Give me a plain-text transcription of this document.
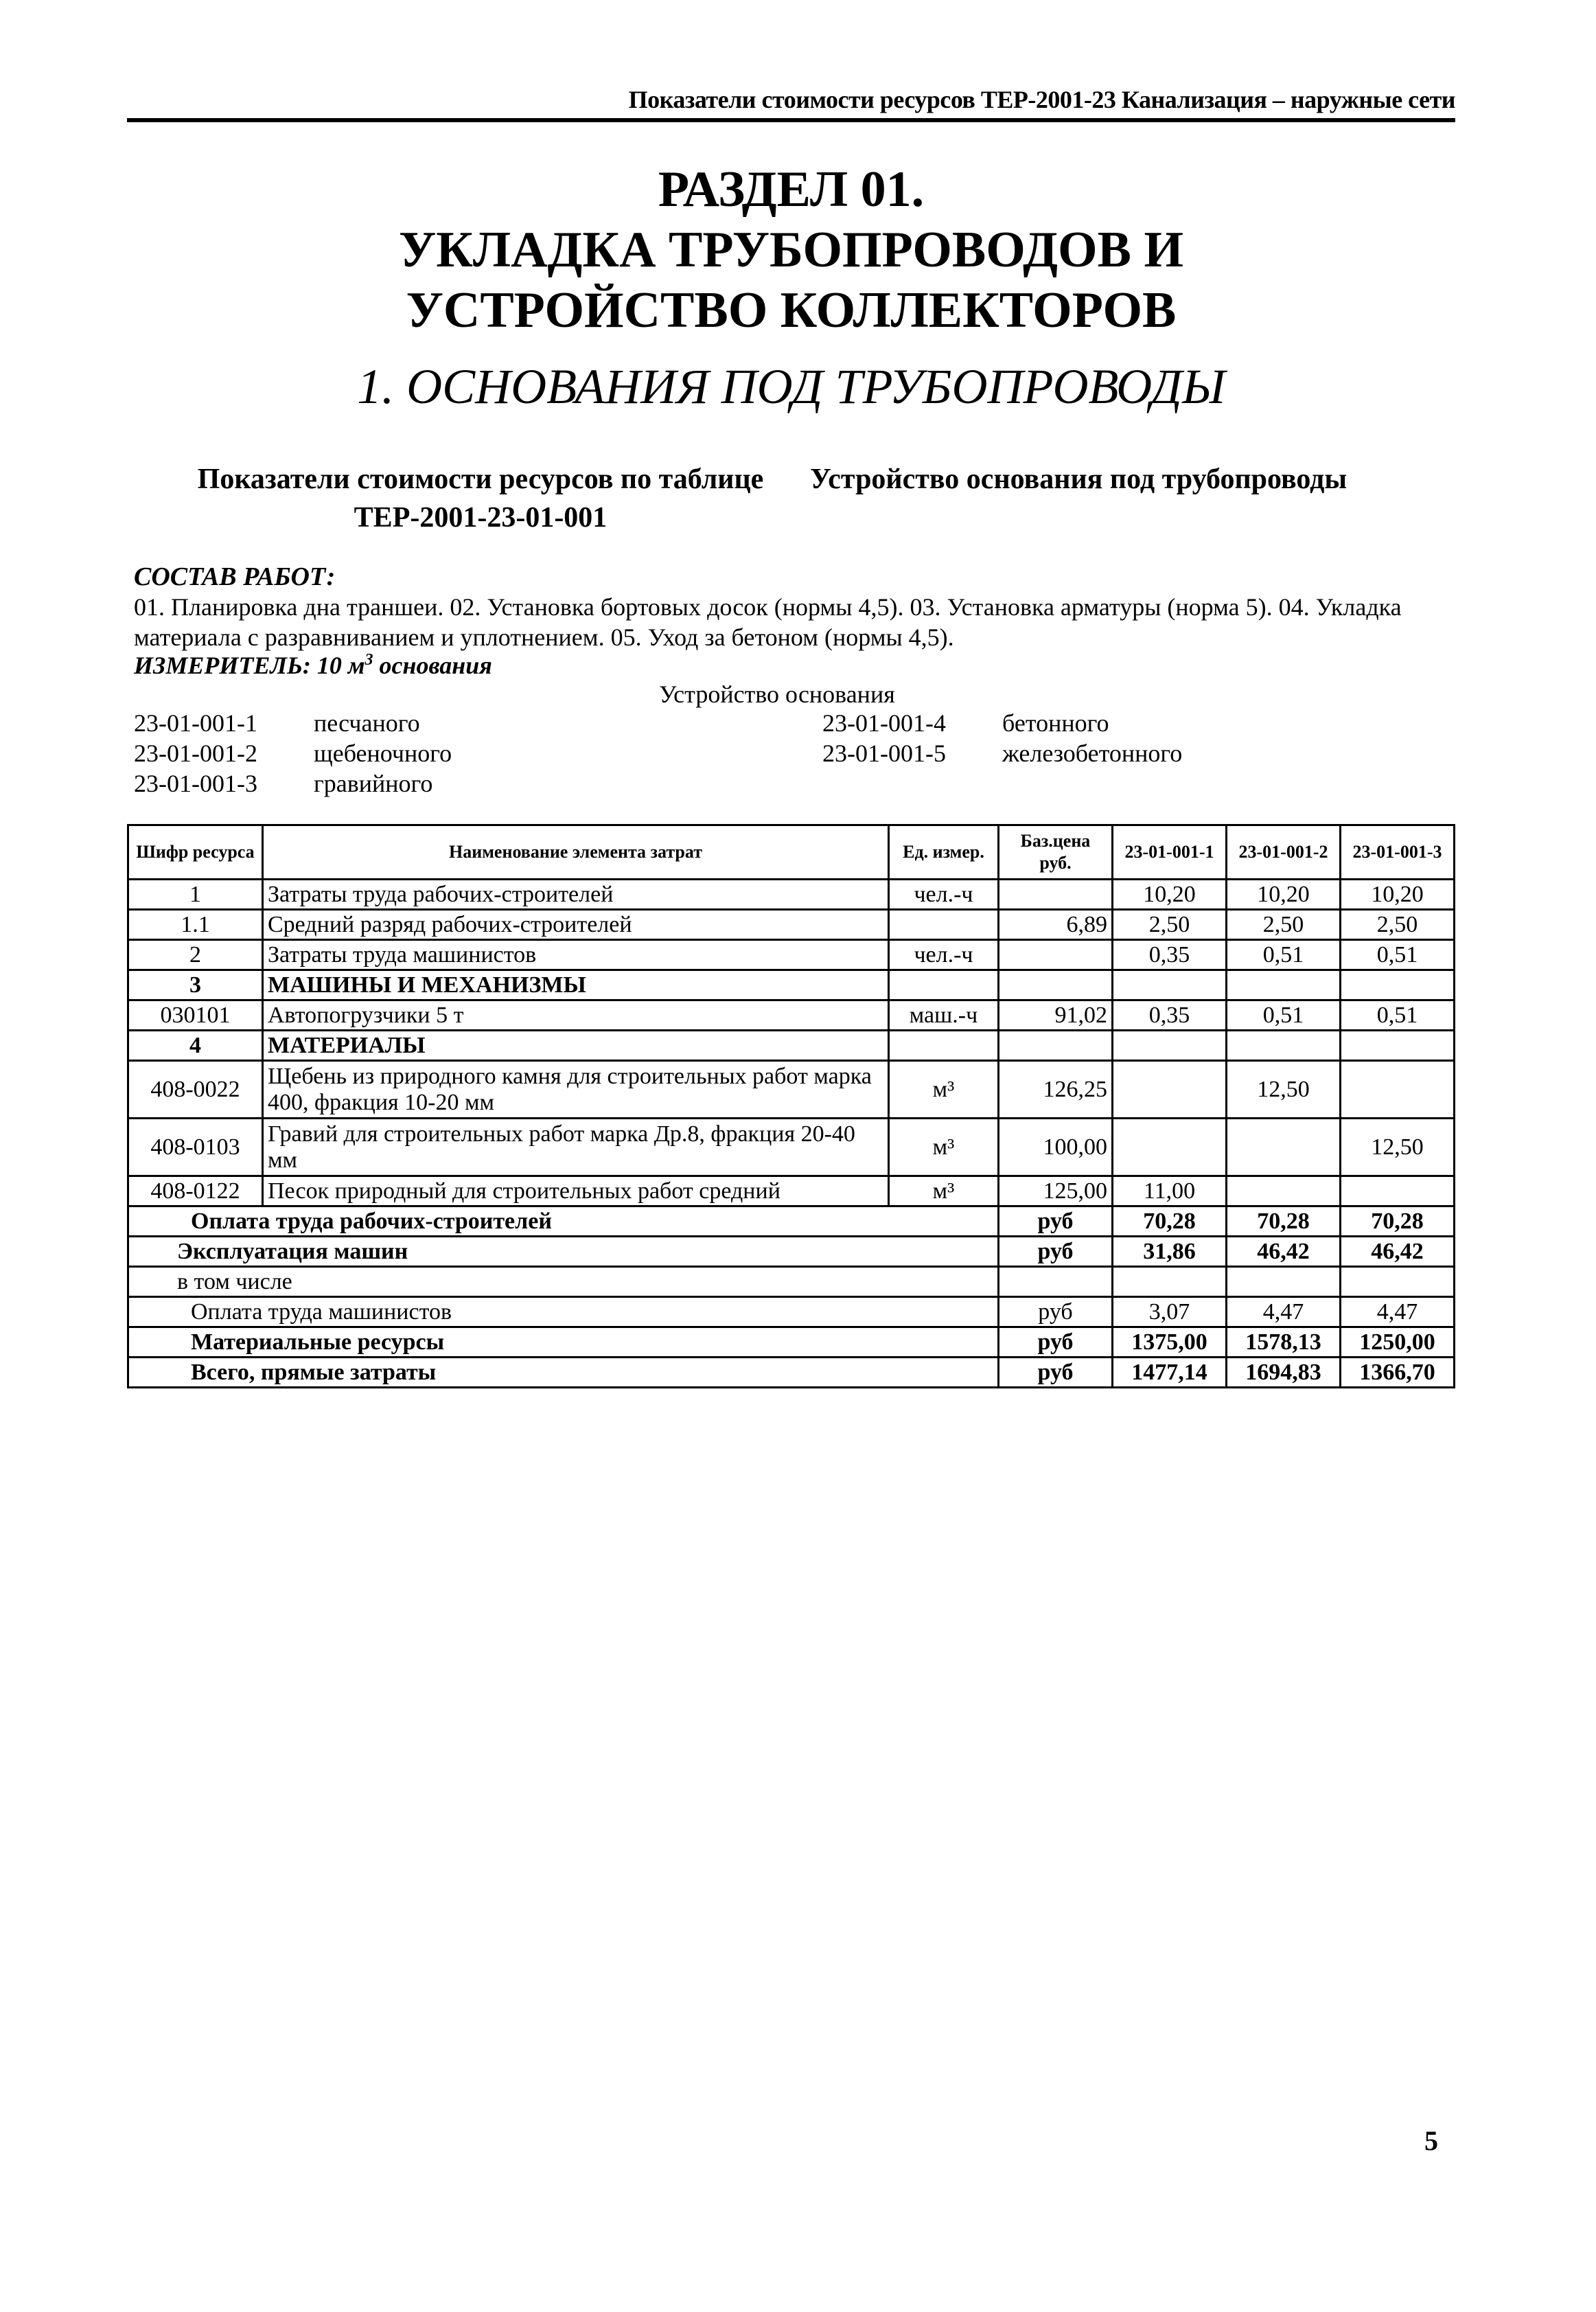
Показатели стоимости ресурсов ТЕР-2001-23 Канализация – наружные сети
РАЗДЕЛ 01.
УКЛАДКА ТРУБОПРОВОДОВ И
УСТРОЙСТВО КОЛЛЕКТОРОВ
1. ОСНОВАНИЯ ПОД ТРУБОПРОВОДЫ
Показатели стоимости ресурсов по таблице
ТЕР-2001-23-01-001
Устройство основания под трубопроводы
СОСТАВ РАБОТ:
01. Планировка дна траншеи. 02. Установка бортовых досок (нормы 4,5). 03. Установка арматуры (норма 5). 04. Укладка материала с разравниванием и уплотнением. 05. Уход за бетоном (нормы 4,5).
ИЗМЕРИТЕЛЬ: 10 $м^3$ основания
Устройство основания
23-01-001-1 песчаного
23-01-001-2 щебеночного
23-01-001-3 гравийного
23-01-001-4 бетонного
23-01-001-5 железобетонного
Шифр ресурса	Наименование элемента затрат	Ед. измер.	Баз.цена руб.	23-01-001-1	23-01-001-2	23-01-001-3
1	Затраты труда рабочих-строителей	чел.-ч		10,20	10,20	10,20
1.1	Средний разряд рабочих-строителей		6,89	2,50	2,50	2,50
2	Затраты труда машинистов	чел.-ч		0,35	0,51	0,51
3	МАШИНЫ И МЕХАНИЗМЫ					
030101	Автопогрузчики 5 т	маш.-ч	91,02	0,35	0,51	0,51
4	МАТЕРИАЛЫ					
408-0022	Щебень из природного камня для строительных работ марка 400, фракция 10-20 мм	м³	126,25		12,50	
408-0103	Гравий для строительных работ марка Др.8, фракция 20-40 мм	м³	100,00			12,50
408-0122	Песок природный для строительных работ средний	м³	125,00	11,00		
Оплата труда рабочих-строителей			руб	70,28	70,28	70,28
Эксплуатация машин			руб	31,86	46,42	46,42
в том числе						
Оплата труда машинистов			руб	3,07	4,47	4,47
Материальные ресурсы			руб	1375,00	1578,13	1250,00
Всего, прямые затраты			руб	1477,14	1694,83	1366,70
5
